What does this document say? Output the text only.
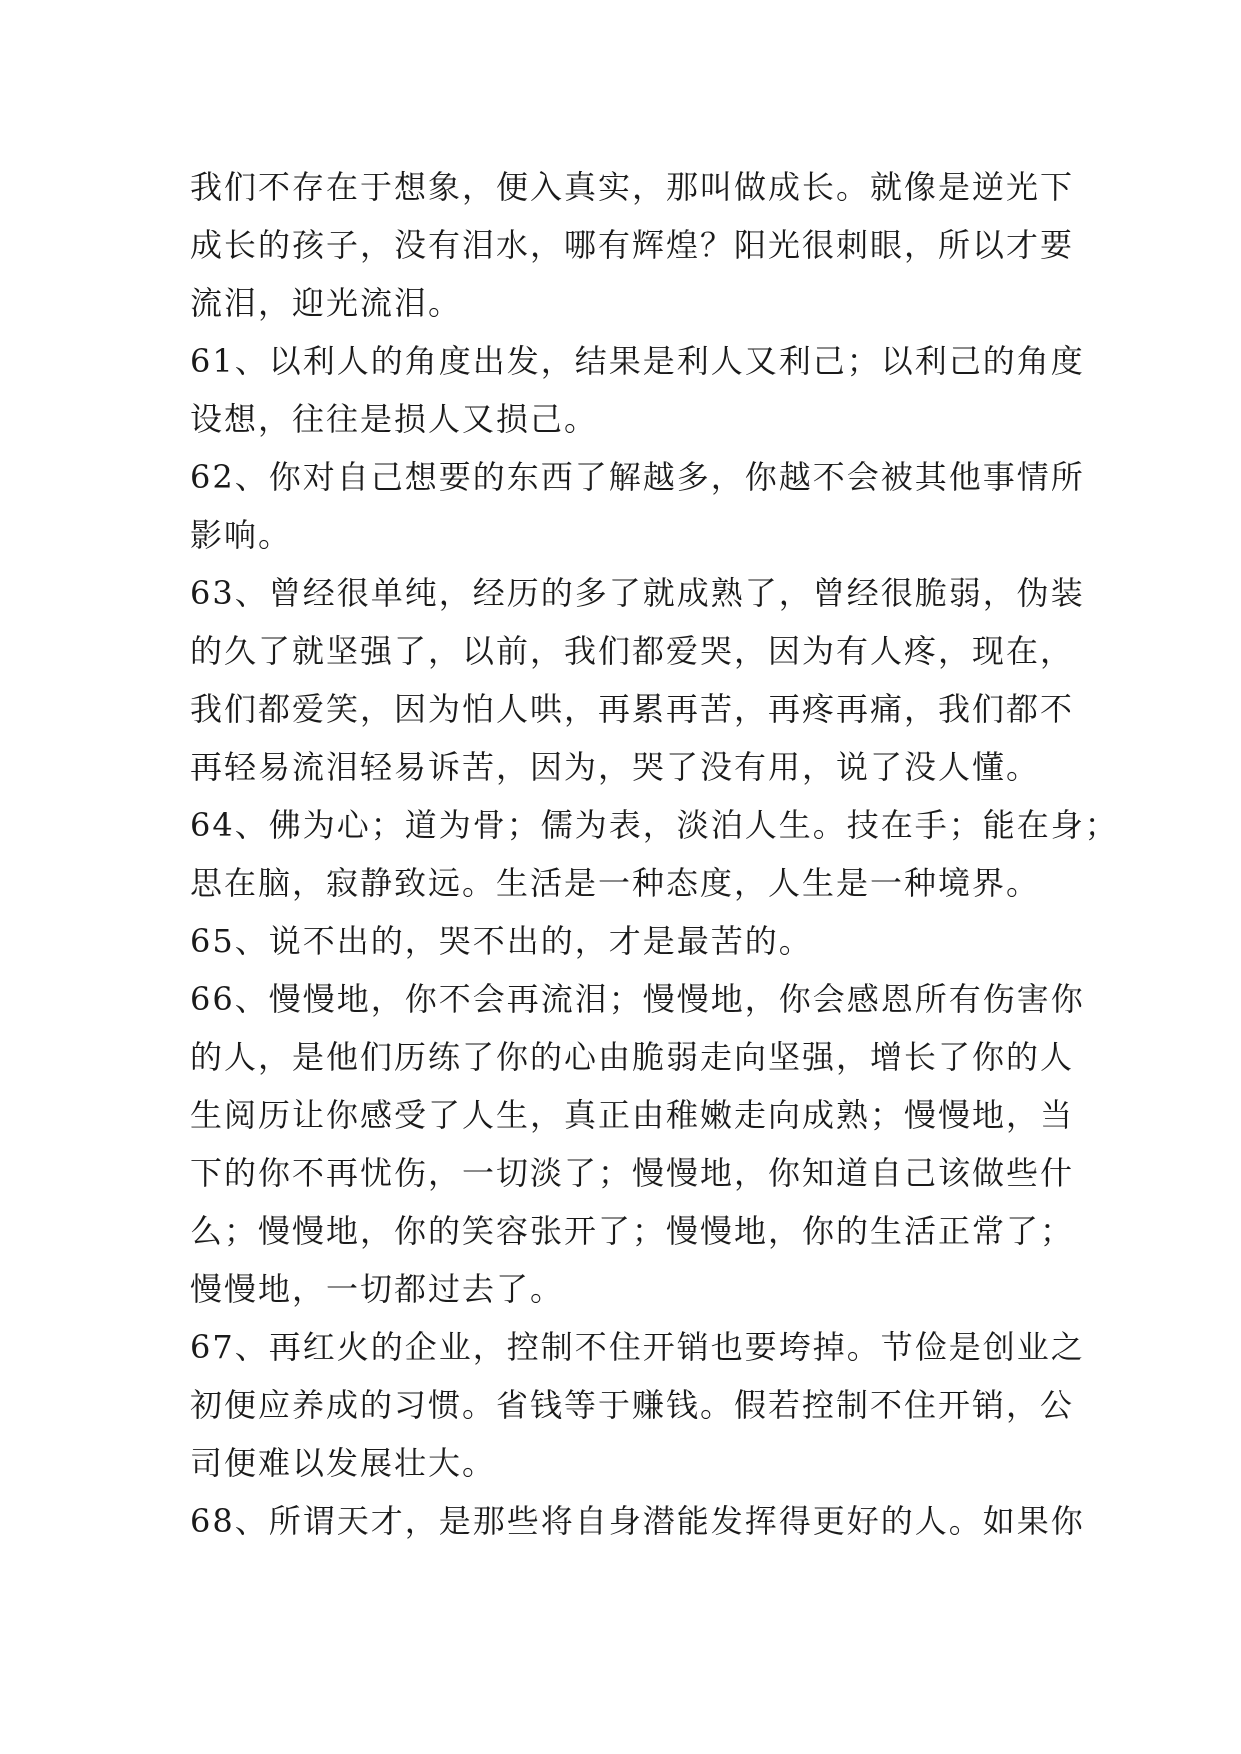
我们不存在于想象，便入真实，那叫做成长。就像是逆光下
成长的孩子，没有泪水，哪有辉煌？阳光很刺眼，所以才要
流泪，迎光流泪。
61、以利人的角度出发，结果是利人又利己；以利己的角度
设想，往往是损人又损己。
62、你对自己想要的东西了解越多，你越不会被其他事情所
影响。
63、曾经很单纯，经历的多了就成熟了，曾经很脆弱，伪装
的久了就坚强了，以前，我们都爱哭，因为有人疼，现在，
我们都爱笑，因为怕人哄，再累再苦，再疼再痛，我们都不
再轻易流泪轻易诉苦，因为，哭了没有用，说了没人懂。
64、佛为心；道为骨；儒为表，淡泊人生。技在手；能在身；
思在脑，寂静致远。生活是一种态度，人生是一种境界。
65、说不出的，哭不出的，才是最苦的。
66、慢慢地，你不会再流泪；慢慢地，你会感恩所有伤害你
的人，是他们历练了你的心由脆弱走向坚强，增长了你的人
生阅历让你感受了人生，真正由稚嫩走向成熟；慢慢地，当
下的你不再忧伤，一切淡了；慢慢地，你知道自己该做些什
么；慢慢地，你的笑容张开了；慢慢地，你的生活正常了；
慢慢地，一切都过去了。
67、再红火的企业，控制不住开销也要垮掉。节俭是创业之
初便应养成的习惯。省钱等于赚钱。假若控制不住开销，公
司便难以发展壮大。
68、所谓天才，是那些将自身潜能发挥得更好的人。如果你
